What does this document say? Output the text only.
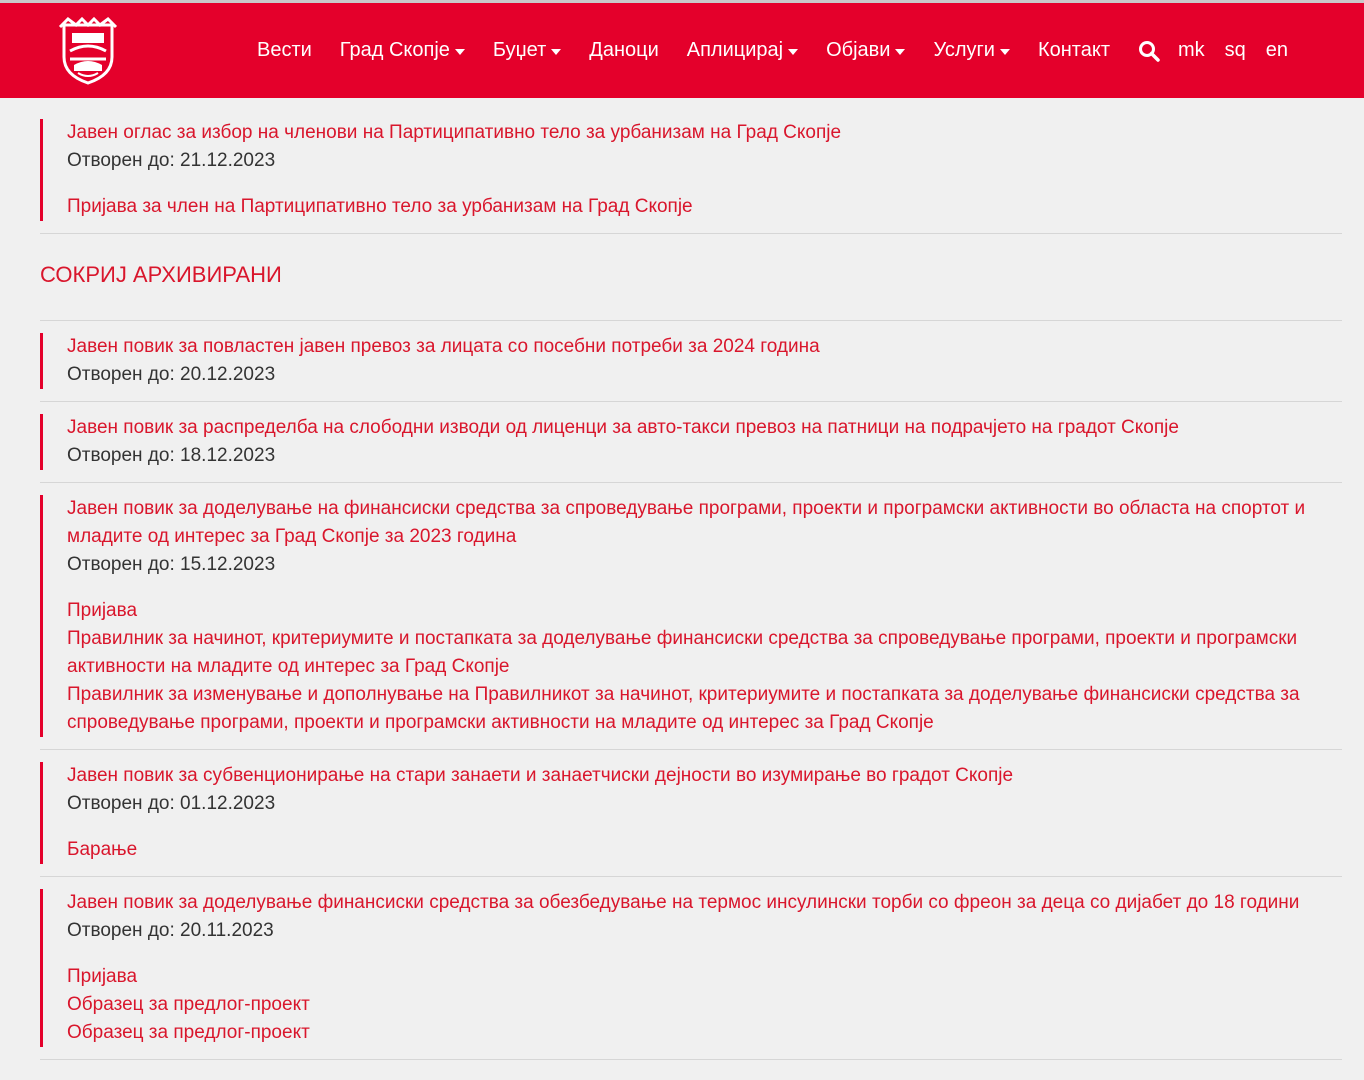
Вести Град Скопје Буџет Даноци Аплицирај Објави Услуги Контакт	mk sq en
Јавен оглас за избор на членови на Партиципативно тело за урбанизам на Град Скопје
Отворен до: 21.12.2023
Пријава за член на Партиципативно тело за урбанизам на Град Скопје
СОКРИЈ АРХИВИРАНИ
Јавен повик за повластен јавен превоз за лицата со посебни потреби за 2024 година
Отворен до: 20.12.2023
Јавен повик за распределба на слободни изводи од лиценци за авто-такси превоз на патници на подрачјето на градот Скопје
Отворен до: 18.12.2023
Јавен повик за доделување на финансиски средства за спроведување програми, проекти и програмски активности во областа на спортот и младите од интерес за Град Скопје за 2023 година
Отворен до: 15.12.2023
Пријава
Правилник за начинот, критериумите и постапката за доделување финансиски средства за спроведување програми, проекти и програмски активности на младите од интерес за Град Скопје
Правилник за изменување и дополнување на Правилникот за начинот, критериумите и постапката за доделување финансиски средства за спроведување програми, проекти и програмски активности на младите од интерес за Град Скопје
Јавен повик за субвенционирање на стари занаети и занаетчиски дејности во изумирање во градот Скопје
Отворен до: 01.12.2023
Барање
Јавен повик за доделување финансиски средства за обезбедување на термос инсулински торби со фреон за деца со дијабет до 18 години
Отворен до: 20.11.2023
Пријава
Образец за предлог-проект
Образец за предлог-проект
